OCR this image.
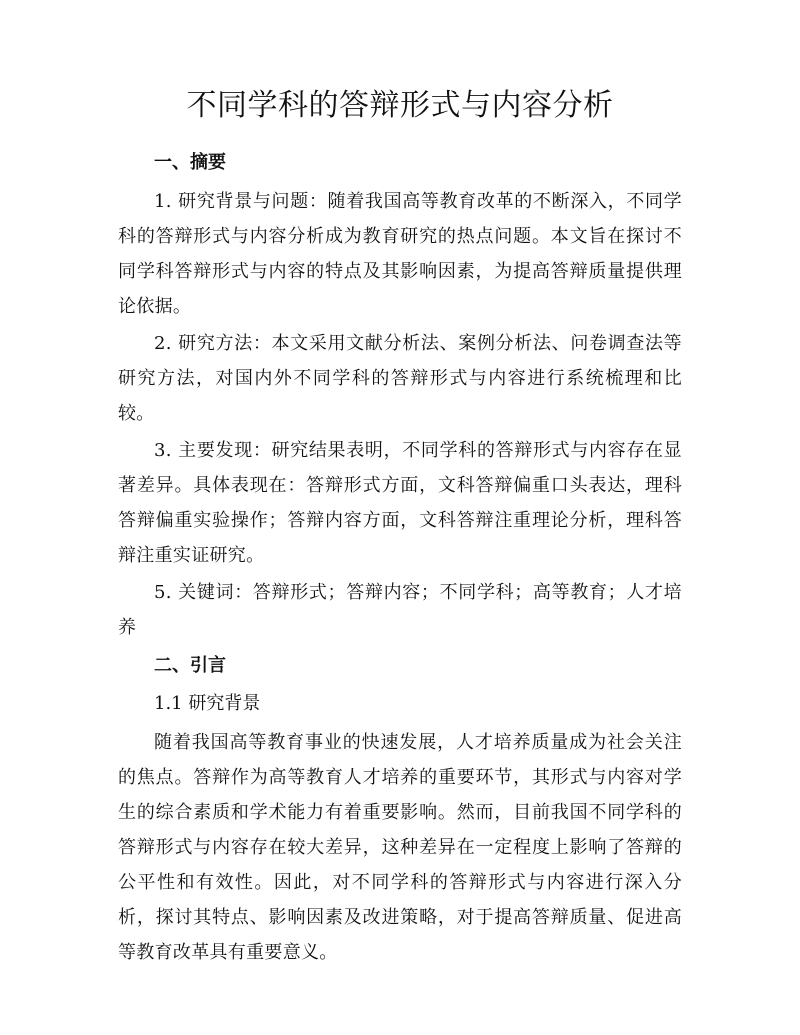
不同学科的答辩形式与内容分析
一、摘要

1. 研究背景与问题：随着我国高等教育改革的不断深入，不同学科的答辩形式与内容分析成为教育研究的热点问题。本文旨在探讨不同学科答辩形式与内容的特点及其影响因素，为提高答辩质量提供理论依据。

2. 研究方法：本文采用文献分析法、案例分析法、问卷调查法等研究方法，对国内外不同学科的答辩形式与内容进行系统梳理和比较。

3. 主要发现：研究结果表明，不同学科的答辩形式与内容存在显著差异。具体表现在：答辩形式方面，文科答辩偏重口头表达，理科答辩偏重实验操作；答辩内容方面，文科答辩注重理论分析，理科答辩注重实证研究。

5. 关键词：答辩形式；答辩内容；不同学科；高等教育；人才培养

二、引言
1.1 研究背景

随着我国高等教育事业的快速发展，人才培养质量成为社会关注的焦点。答辩作为高等教育人才培养的重要环节，其形式与内容对学生的综合素质和学术能力有着重要影响。然而，目前我国不同学科的答辩形式与内容存在较大差异，这种差异在一定程度上影响了答辩的公平性和有效性。因此，对不同学科的答辩形式与内容进行深入分析，探讨其特点、影响因素及改进策略，对于提高答辩质量、促进高等教育改革具有重要意义。
